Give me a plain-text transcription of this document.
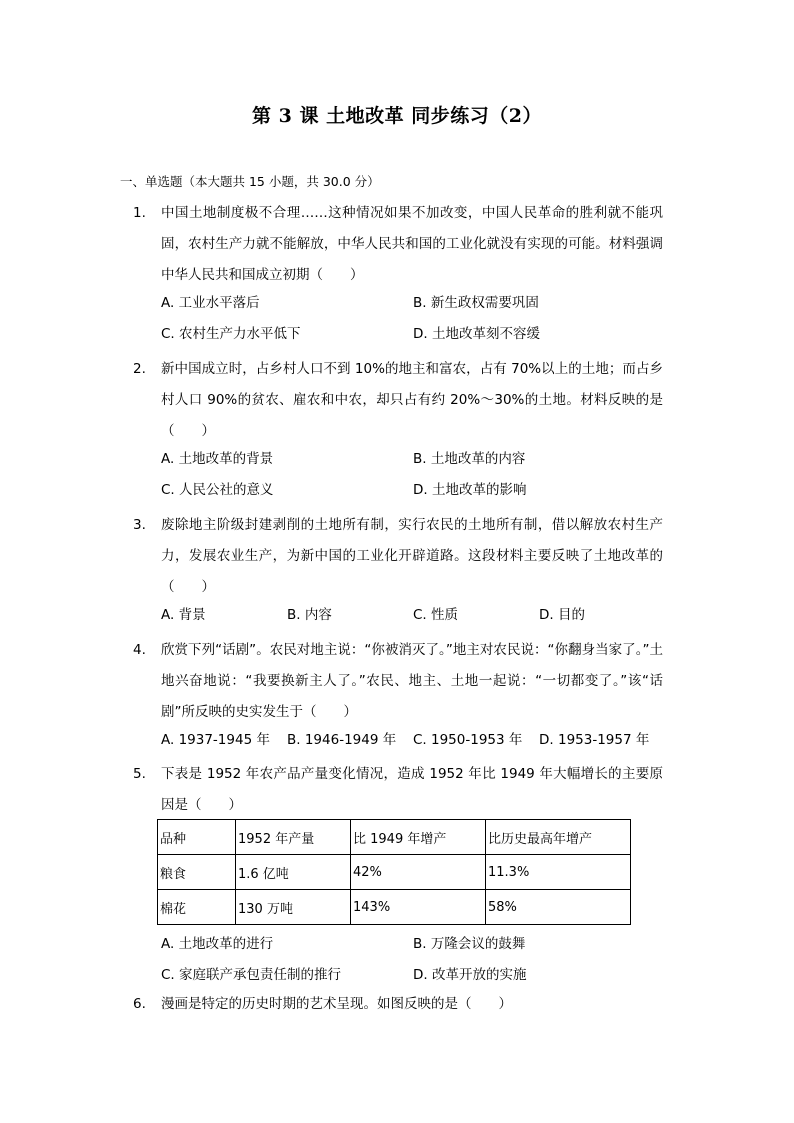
第 3 课 土地改革 同步练习（2）
一、单选题（本大题共 15 小题，共 30.0 分）
1.	中国土地制度极不合理……这种情况如果不加改变，中国人民革命的胜利就不能巩固，农村生产力就不能解放，中华人民共和国的工业化就没有实现的可能。材料强调中华人民共和国成立初期（　　）
A. 工业水平落后	B. 新生政权需要巩固
C. 农村生产力水平低下	D. 土地改革刻不容缓
2.	新中国成立时，占乡村人口不到 10%的地主和富农，占有 70%以上的土地；而占乡村人口 90%的贫农、雇农和中农，却只占有约 20%～30%的土地。材料反映的是（　　）
A. 土地改革的背景	B. 土地改革的内容
C. 人民公社的意义	D. 土地改革的影响
3.	废除地主阶级封建剥削的土地所有制，实行农民的土地所有制，借以解放农村生产力，发展农业生产，为新中国的工业化开辟道路。这段材料主要反映了土地改革的（　　）
A. 背景	B. 内容	C. 性质	D. 目的
4.	欣赏下列“话剧”。农民对地主说：“你被消灭了。”地主对农民说：“你翻身当家了。”土地兴奋地说：“我要换新主人了。”农民、地主、土地一起说：“一切都变了。”该“话剧”所反映的史实发生于（　　）
A. 1937-1945 年 B. 1946-1949 年 C. 1950-1953 年 D. 1953-1957 年
5.	下表是 1952 年农产品产量变化情况，造成 1952 年比 1949 年大幅增长的主要原因是（　　）
品种	1952 年产量	比 1949 年增产	比历史最高年增产
粮食	1.6 亿吨	42%	11.3%
棉花	130 万吨	143%	58%
A. 土地改革的进行	B. 万隆会议的鼓舞
C. 家庭联产承包责任制的推行	D. 改革开放的实施
6.	漫画是特定的历史时期的艺术呈现。如图反映的是（　　）
